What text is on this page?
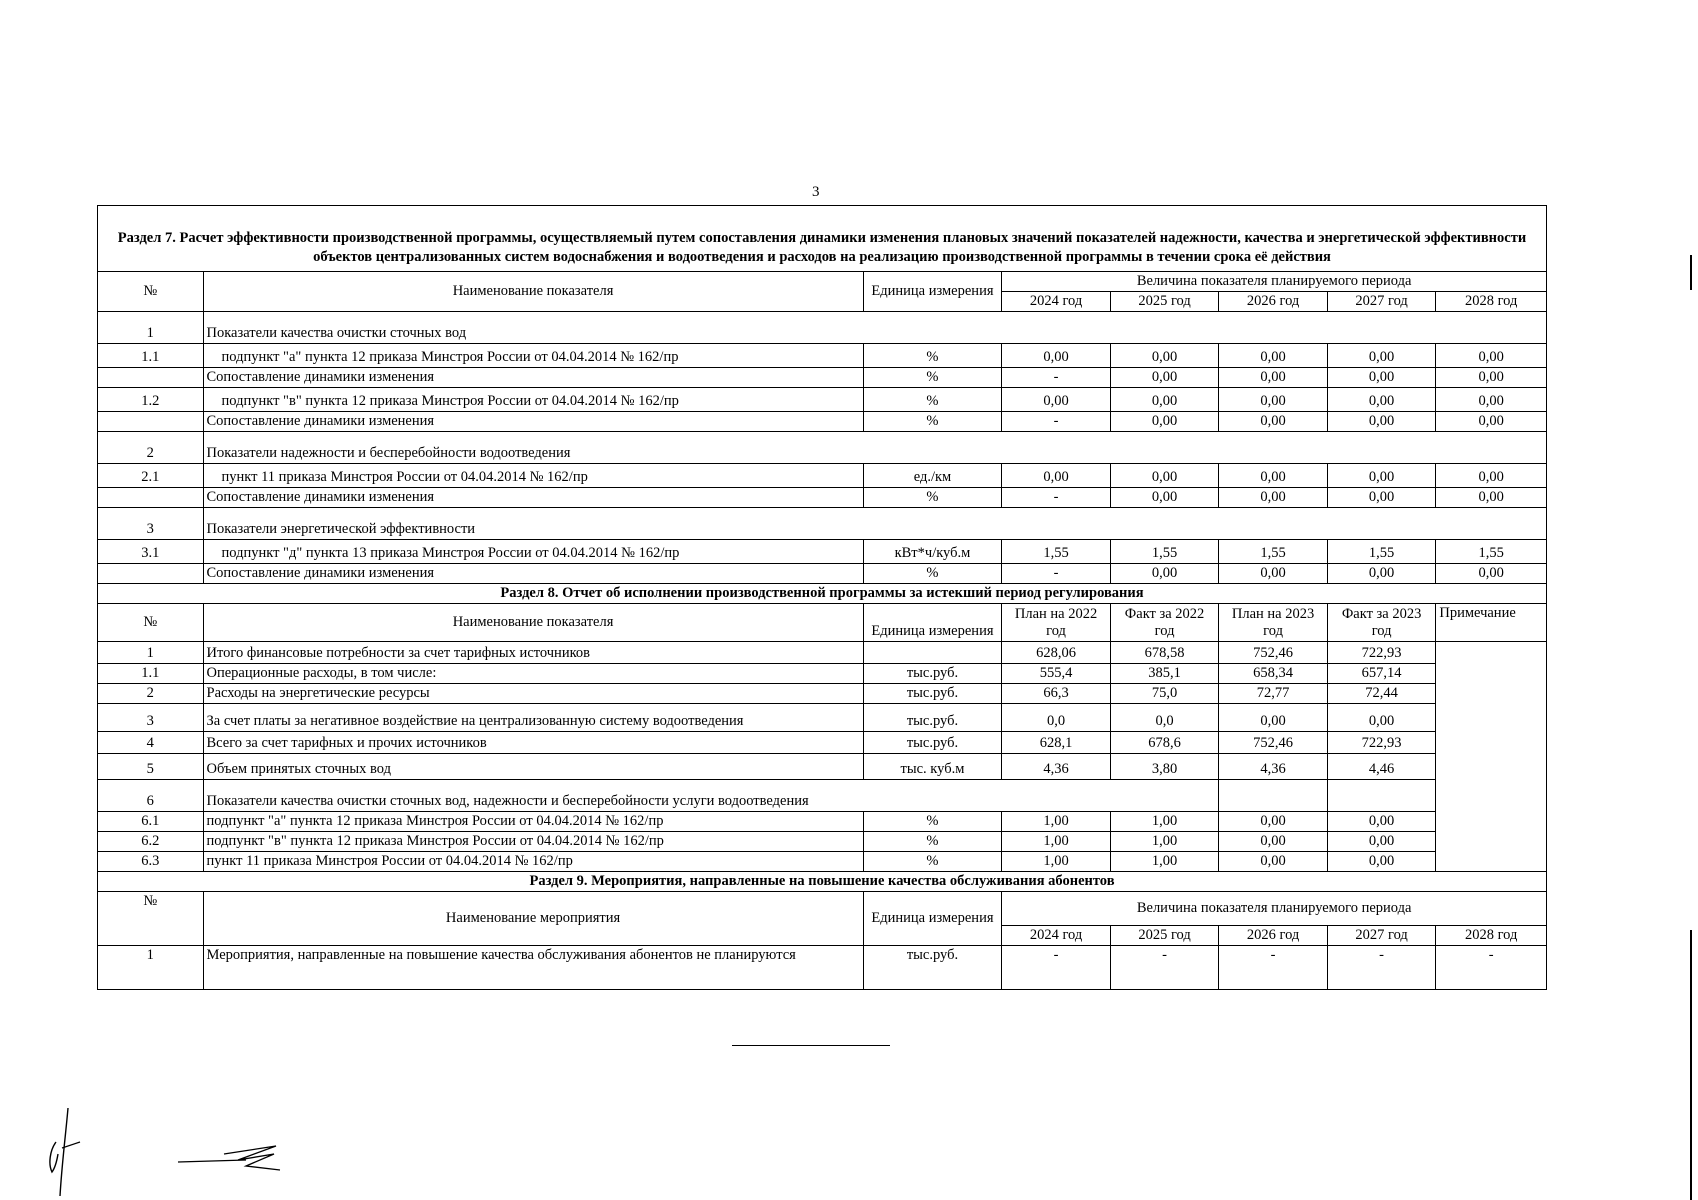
3
Раздел 7. Расчет эффективности производственной программы, осуществляемый путем сопоставления динамики изменения плановых значений показателей надежности, качества и энергетической эффективности объектов централизованных систем водоснабжения и водоотведения и расходов на реализацию производственной программы в течении срока её действия							
№	Наименование показателя	Единица измерения	Величина показателя планируемого периода				
			2024 год	2025 год	2026 год	2027 год	2028 год
1	Показатели качества очистки сточных вод						
1.1	подпункт "а" пункта 12 приказа Минстроя России от 04.04.2014 № 162/пр	%	0,00	0,00	0,00	0,00	0,00
	Сопоставление динамики изменения	%	-	0,00	0,00	0,00	0,00
1.2	подпункт "в" пункта 12 приказа Минстроя России от 04.04.2014 № 162/пр	%	0,00	0,00	0,00	0,00	0,00
	Сопоставление динамики изменения	%	-	0,00	0,00	0,00	0,00
2	Показатели надежности и бесперебойности водоотведения						
2.1	пункт 11 приказа Минстроя России от 04.04.2014 № 162/пр	ед./км	0,00	0,00	0,00	0,00	0,00
	Сопоставление динамики изменения	%	-	0,00	0,00	0,00	0,00
3	Показатели энергетической эффективности						
3.1	подпункт "д" пункта 13 приказа Минстроя России от 04.04.2014 № 162/пр	кВт*ч/куб.м	1,55	1,55	1,55	1,55	1,55
	Сопоставление динамики изменения	%	-	0,00	0,00	0,00	0,00
Раздел 8. Отчет об исполнении производственной программы за истекший период регулирования							
№	Наименование показателя	Единица измерения	План на 2022 год	Факт за 2022 год	План на 2023 год	Факт за 2023 год	Примечание
1	Итого финансовые потребности за счет тарифных источников		628,06	678,58	752,46	722,93	
1.1	Операционные расходы, в том числе:	тыс.руб.	555,4	385,1	658,34	657,14	
2	Расходы на энергетические ресурсы	тыс.руб.	66,3	75,0	72,77	72,44	
3	За счет платы за негативное воздействие на централизованную систему водоотведения	тыс.руб.	0,0	0,0	0,00	0,00	
4	Всего за счет тарифных и прочих источников	тыс.руб.	628,1	678,6	752,46	722,93	
5	Объем принятых сточных вод	тыс. куб.м	4,36	3,80	4,36	4,46	
6	Показатели качества очистки сточных вод, надежности и бесперебойности услуги водоотведения						
6.1	подпункт "а" пункта 12 приказа Минстроя России от 04.04.2014 № 162/пр	%	1,00	1,00	0,00	0,00	
6.2	подпункт "в" пункта 12 приказа Минстроя России от 04.04.2014 № 162/пр	%	1,00	1,00	0,00	0,00	
6.3	пункт 11 приказа Минстроя России от 04.04.2014 № 162/пр	%	1,00	1,00	0,00	0,00	
Раздел 9. Мероприятия, направленные на повышение качества обслуживания абонентов							
№	Наименование мероприятия	Единица измерения	Величина показателя планируемого периода				
			2024 год	2025 год	2026 год	2027 год	2028 год
1	Мероприятия, направленные на повышение качества обслуживания абонентов не планируются	тыс.руб.	-	-	-	-	-
